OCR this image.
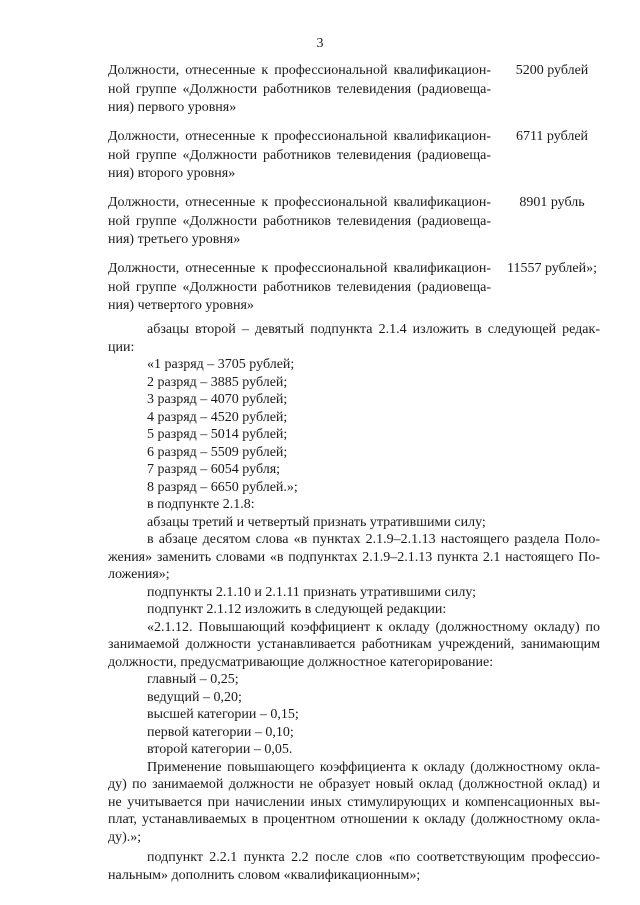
3
Должности, отнесенные к профессиональной квалификацион-
ной группе «Должности работников телевидения (радиовеща-
ния) первого уровня»
5200 рублей
Должности, отнесенные к профессиональной квалификацион-
ной группе «Должности работников телевидения (радиовеща-
ния) второго уровня»
6711 рублей
Должности, отнесенные к профессиональной квалификацион-
ной группе «Должности работников телевидения (радиовеща-
ния) третьего уровня»
8901 рубль
Должности, отнесенные к профессиональной квалификацион-
ной группе «Должности работников телевидения (радиовеща-
ния) четвертого уровня»
11557 рублей»;
абзацы второй – девятый подпункта 2.1.4 изложить в следующей редак-
ции:
«1 разряд – 3705 рублей;
2 разряд – 3885 рублей;
3 разряд – 4070 рублей;
4 разряд – 4520 рублей;
5 разряд – 5014 рублей;
6 разряд – 5509 рублей;
7 разряд – 6054 рубля;
8 разряд – 6650 рублей.»;
в подпункте 2.1.8:
абзацы третий и четвертый признать утратившими силу;
в абзаце десятом слова «в пунктах 2.1.9–2.1.13 настоящего раздела Поло-
жения» заменить словами «в подпунктах 2.1.9–2.1.13 пункта 2.1 настоящего По-
ложения»;
подпункты 2.1.10 и 2.1.11 признать утратившими силу;
подпункт 2.1.12 изложить в следующей редакции:
«2.1.12. Повышающий коэффициент к окладу (должностному окладу) по
занимаемой должности устанавливается работникам учреждений, занимающим
должности, предусматривающие должностное категорирование:
главный – 0,25;
ведущий – 0,20;
высшей категории – 0,15;
первой категории – 0,10;
второй категории – 0,05.
Применение повышающего коэффициента к окладу (должностному окла-
ду) по занимаемой должности не образует новый оклад (должностной оклад) и
не учитывается при начислении иных стимулирующих и компенсационных вы-
плат, устанавливаемых в процентном отношении к окладу (должностному окла-
ду).»;
подпункт 2.2.1 пункта 2.2 после слов «по соответствующим профессио-
нальным» дополнить словом «квалификационным»;
